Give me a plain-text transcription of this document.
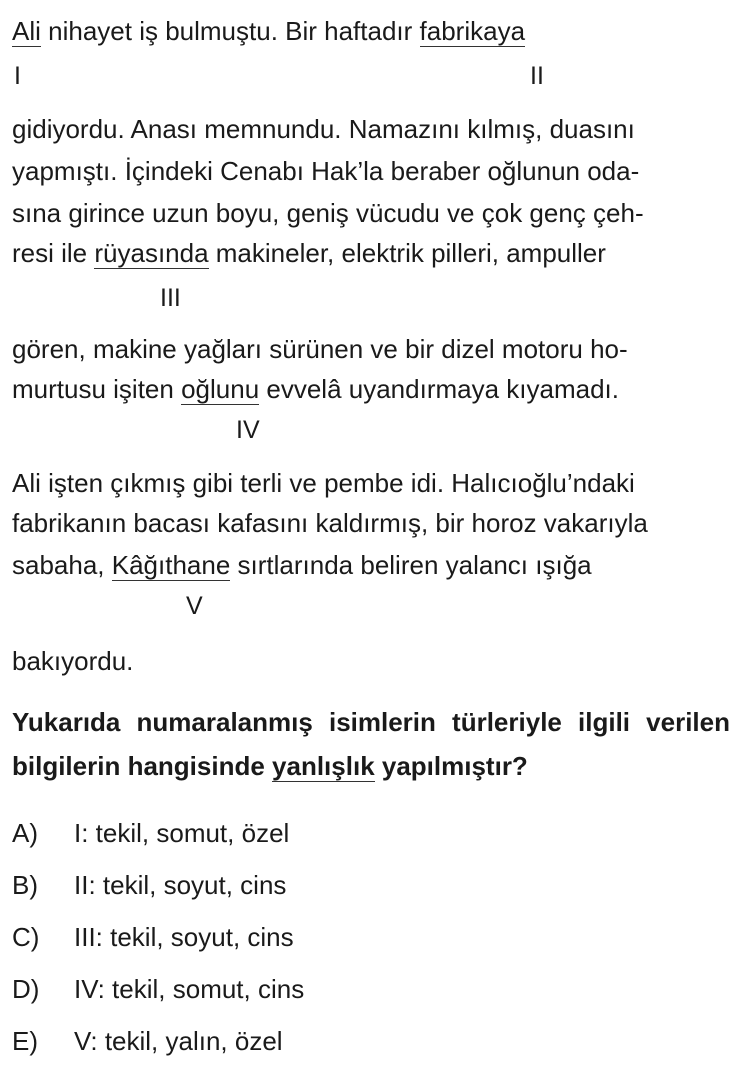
Ali nihayet iş bulmuştu. Bir haftadır fabrikaya
I	II
gidiyordu. Anası memnundu. Namazını kılmış, duasını
yapmıştı. İçindeki Cenabı Hak’la beraber oğlunun oda-
sına girince uzun boyu, geniş vücudu ve çok genç çeh-
resi ile rüyasında makineler, elektrik pilleri, ampuller
III
gören, makine yağları sürünen ve bir dizel motoru ho-
murtusu işiten oğlunu evvelâ uyandırmaya kıyamadı.
IV
Ali işten çıkmış gibi terli ve pembe idi. Halıcıoğlu’ndaki
fabrikanın bacası kafasını kaldırmış, bir horoz vakarıyla
sabaha, Kâğıthane sırtlarında beliren yalancı ışığa
V
bakıyordu.
Yukarıda numaralanmış isimlerin türleriyle ilgili verilen bilgilerin hangisinde yanlışlık yapılmıştır?
A) I: tekil, somut, özel
B) II: tekil, soyut, cins
C) III: tekil, soyut, cins
D) IV: tekil, somut, cins
E) V: tekil, yalın, özel
